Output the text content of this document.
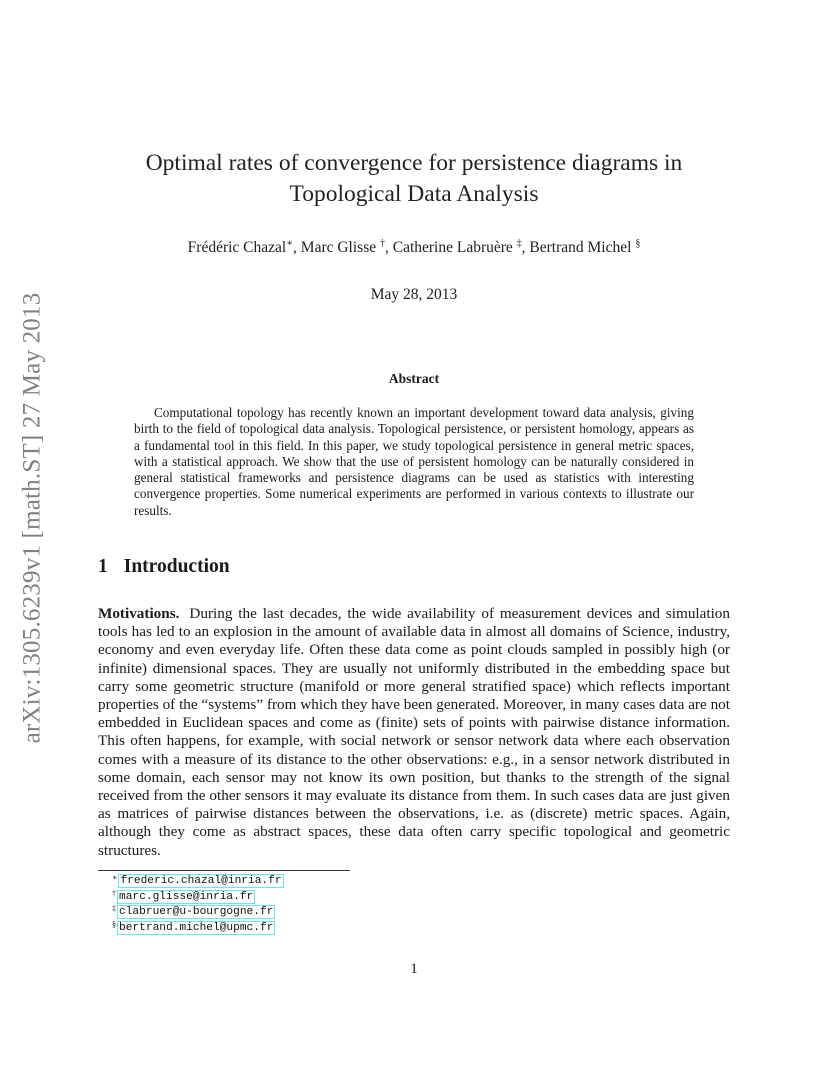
arXiv:1305.6239v1 [math.ST] 27 May 2013
Optimal rates of convergence for persistence diagrams in
Topological Data Analysis
Frédéric Chazal∗, Marc Glisse †, Catherine Labruère ‡, Bertrand Michel §
May 28, 2013
Abstract

Computational topology has recently known an important development toward data analysis, giving birth to the field of topological data analysis. Topological persistence, or persistent homology, appears as a fundamental tool in this field. In this paper, we study topological persistence in general metric spaces, with a statistical approach. We show that the use of persistent homology can be naturally considered in general statistical frameworks and persistence diagrams can be used as statistics with interesting convergence properties. Some numerical experiments are performed in various contexts to illustrate our results.

1 Introduction

Motivations. During the last decades, the wide availability of measurement devices and simulation tools has led to an explosion in the amount of available data in almost all domains of Science, industry, economy and even everyday life. Often these data come as point clouds sampled in possibly high (or infinite) dimensional spaces. They are usually not uniformly distributed in the embedding space but carry some geometric structure (manifold or more general stratified space) which reflects important properties of the “systems” from which they have been generated. Moreover, in many cases data are not embedded in Euclidean spaces and come as (finite) sets of points with pairwise distance information. This often happens, for example, with social network or sensor network data where each observation comes with a measure of its distance to the other observations: e.g., in a sensor network distributed in some domain, each sensor may not know its own position, but thanks to the strength of the signal received from the other sensors it may evaluate its distance from them. In such cases data are just given as matrices of pairwise distances between the observations, i.e. as (discrete) metric spaces. Again, although they come as abstract spaces, these data often carry specific topological and geometric structures.

∗ frederic.chazal@inria.fr
† marc.glisse@inria.fr
‡ clabruer@u-bourgogne.fr
§ bertrand.michel@upmc.fr
1
